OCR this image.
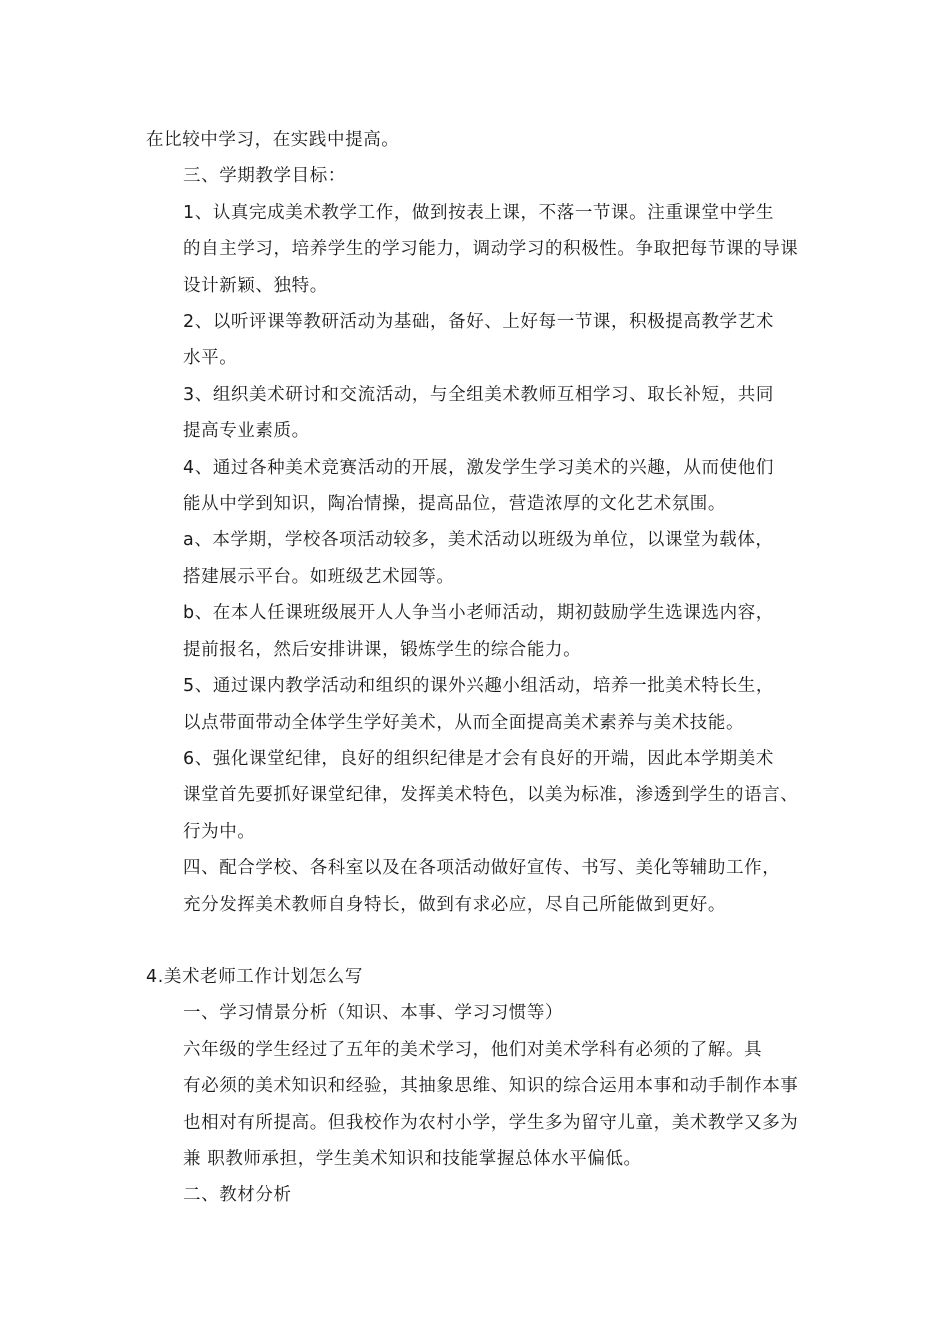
在比较中学习，在实践中提高。
三、学期教学目标：
1、认真完成美术教学工作，做到按表上课，不落一节课。注重课堂中学生
的自主学习，培养学生的学习能力，调动学习的积极性。争取把每节课的导课
设计新颖、独特。
2、以听评课等教研活动为基础，备好、上好每一节课，积极提高教学艺术
水平。
3、组织美术研讨和交流活动，与全组美术教师互相学习、取长补短，共同
提高专业素质。
4、通过各种美术竞赛活动的开展，激发学生学习美术的兴趣，从而使他们
能从中学到知识，陶冶情操，提高品位，营造浓厚的文化艺术氛围。
a、本学期，学校各项活动较多，美术活动以班级为单位，以课堂为载体，
搭建展示平台。如班级艺术园等。
b、在本人任课班级展开人人争当小老师活动，期初鼓励学生选课选内容，
提前报名，然后安排讲课，锻炼学生的综合能力。
5、通过课内教学活动和组织的课外兴趣小组活动，培养一批美术特长生，
以点带面带动全体学生学好美术，从而全面提高美术素养与美术技能。
6、强化课堂纪律，良好的组织纪律是才会有良好的开端，因此本学期美术
课堂首先要抓好课堂纪律，发挥美术特色，以美为标准，渗透到学生的语言、
行为中。
四、配合学校、各科室以及在各项活动做好宣传、书写、美化等辅助工作，
充分发挥美术教师自身特长，做到有求必应，尽自己所能做到更好。
4.美术老师工作计划怎么写
一、学习情景分析（知识、本事、学习习惯等）
六年级的学生经过了五年的美术学习，他们对美术学科有必须的了解。具
有必须的美术知识和经验，其抽象思维、知识的综合运用本事和动手制作本事
也相对有所提高。但我校作为农村小学，学生多为留守儿童，美术教学又多为
兼 职教师承担，学生美术知识和技能掌握总体水平偏低。
二、教材分析
